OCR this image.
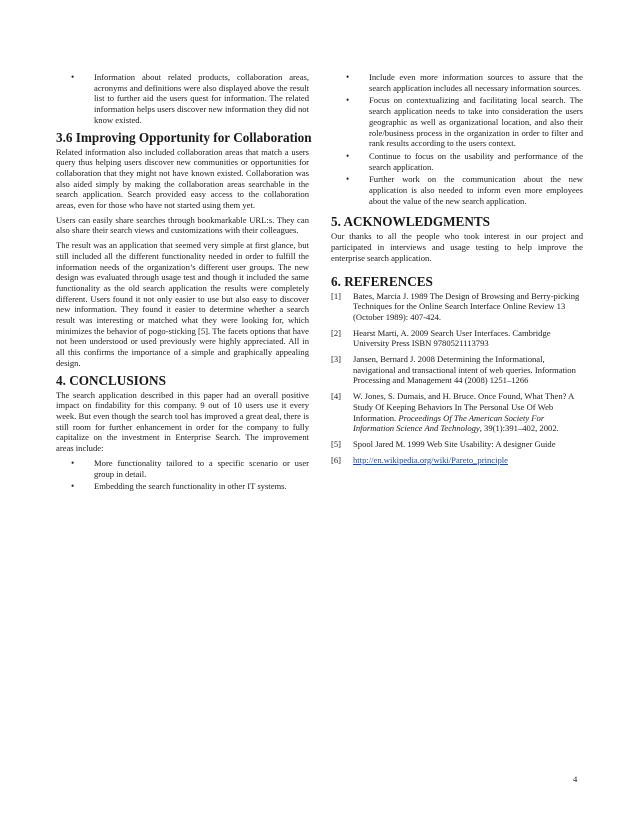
• Information about related products, collaboration areas, acronyms and definitions were also displayed above the result list to further aid the users quest for information. The related information helps users discover new information they did not know existed.
3.6 Improving Opportunity for Collaboration

Related information also included collaboration areas that match a users query thus helping users discover new communities or opportunities for collaboration that they might not have known existed. Collaboration was also aided simply by making the collaboration areas searchable in the search application. Search provided easy access to the collaboration areas, even for those who have not started using them yet.

Users can easily share searches through bookmarkable URL:s. They can also share their search views and customizations with their colleagues.

The result was an application that seemed very simple at first glance, but still included all the different functionality needed in order to fulfill the information needs of the organization’s different user groups. The new design was evaluated through usage test and though it included the same functionality as the old search application the results were completely different. Users found it not only easier to use but also easy to discover new information. They found it easier to determine whether a search result was interesting or matched what they were looking for, which minimizes the behavior of pogo-sticking [5]. The facets options that have not been understood or used previously were highly appreciated. All in all this confirms the importance of a simple and graphically appealing design.

4. CONCLUSIONS

The search application described in this paper had an overall positive impact on findability for this company. 9 out of 10 users use it every week. But even though the search tool has improved a great deal, there is still room for further enhancement in order for the company to fully capitalize on the investment in Enterprise Search. The improvement areas include:

• More functionality tailored to a specific scenario or user group in detail.
• Embedding the search functionality in other IT systems.
• Include even more information sources to assure that the search application includes all necessary information sources.
• Focus on contextualizing and facilitating local search. The search application needs to take into consideration the users geographic as well as organizational location, and also their role/business process in the organization in order to filter and rank results according to the users context.
• Continue to focus on the usability and performance of the search application.
• Further work on the communication about the new application is also needed to inform even more employees about the value of the new search application.
5. ACKNOWLEDGMENTS

Our thanks to all the people who took interest in our project and participated in interviews and usage testing to help improve the enterprise search application.

6. REFERENCES
[1] Bates, Marcia J. 1989 The Design of Browsing and Berry-picking Techniques for the Online Search Interface Online Review 13 (October 1989): 407-424.
[2] Hearst Marti, A. 2009 Search User Interfaces. Cambridge University Press ISBN 9780521113793
[3] Jansen, Bernard J. 2008 Determining the Informational, navigational and transactional intent of web queries. Information Processing and Management 44 (2008) 1251–1266
[4] W. Jones, S. Dumais, and H. Bruce. Once Found, What Then? A Study Of Keeping Behaviors In The Personal Use Of Web Information. Proceedings Of The American Society For Information Science And Technology, 39(1):391–402, 2002.
[5] Spool Jared M. 1999 Web Site Usability: A designer Guide
[6] http://en.wikipedia.org/wiki/Pareto_principle
4
